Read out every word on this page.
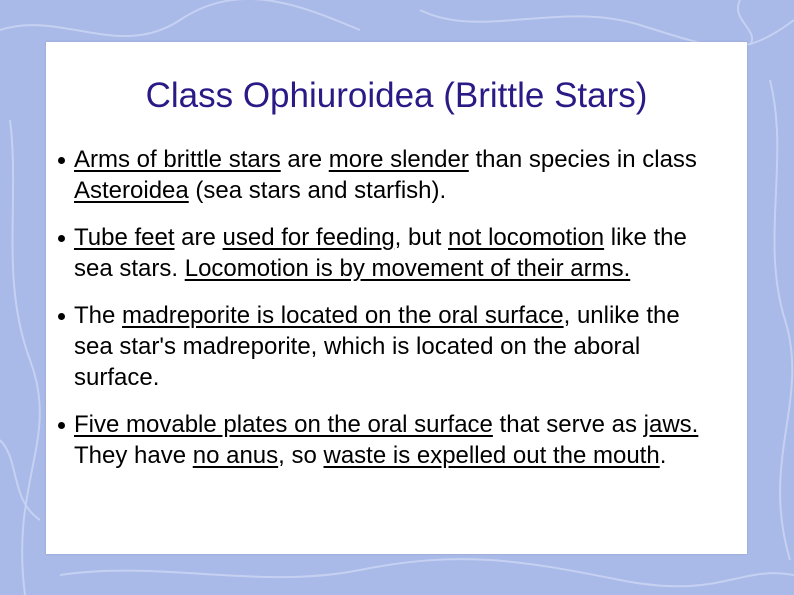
Class Ophiuroidea (Brittle Stars)
Arms of brittle stars are more slender than species in class Asteroidea (sea stars and starfish).
Tube feet are used for feeding, but not locomotion like the sea stars. Locomotion is by movement of their arms.
The madreporite is located on the oral surface, unlike the sea star's madreporite, which is located on the aboral surface.
Five movable plates on the oral surface that serve as jaws. They have no anus, so waste is expelled out the mouth.
